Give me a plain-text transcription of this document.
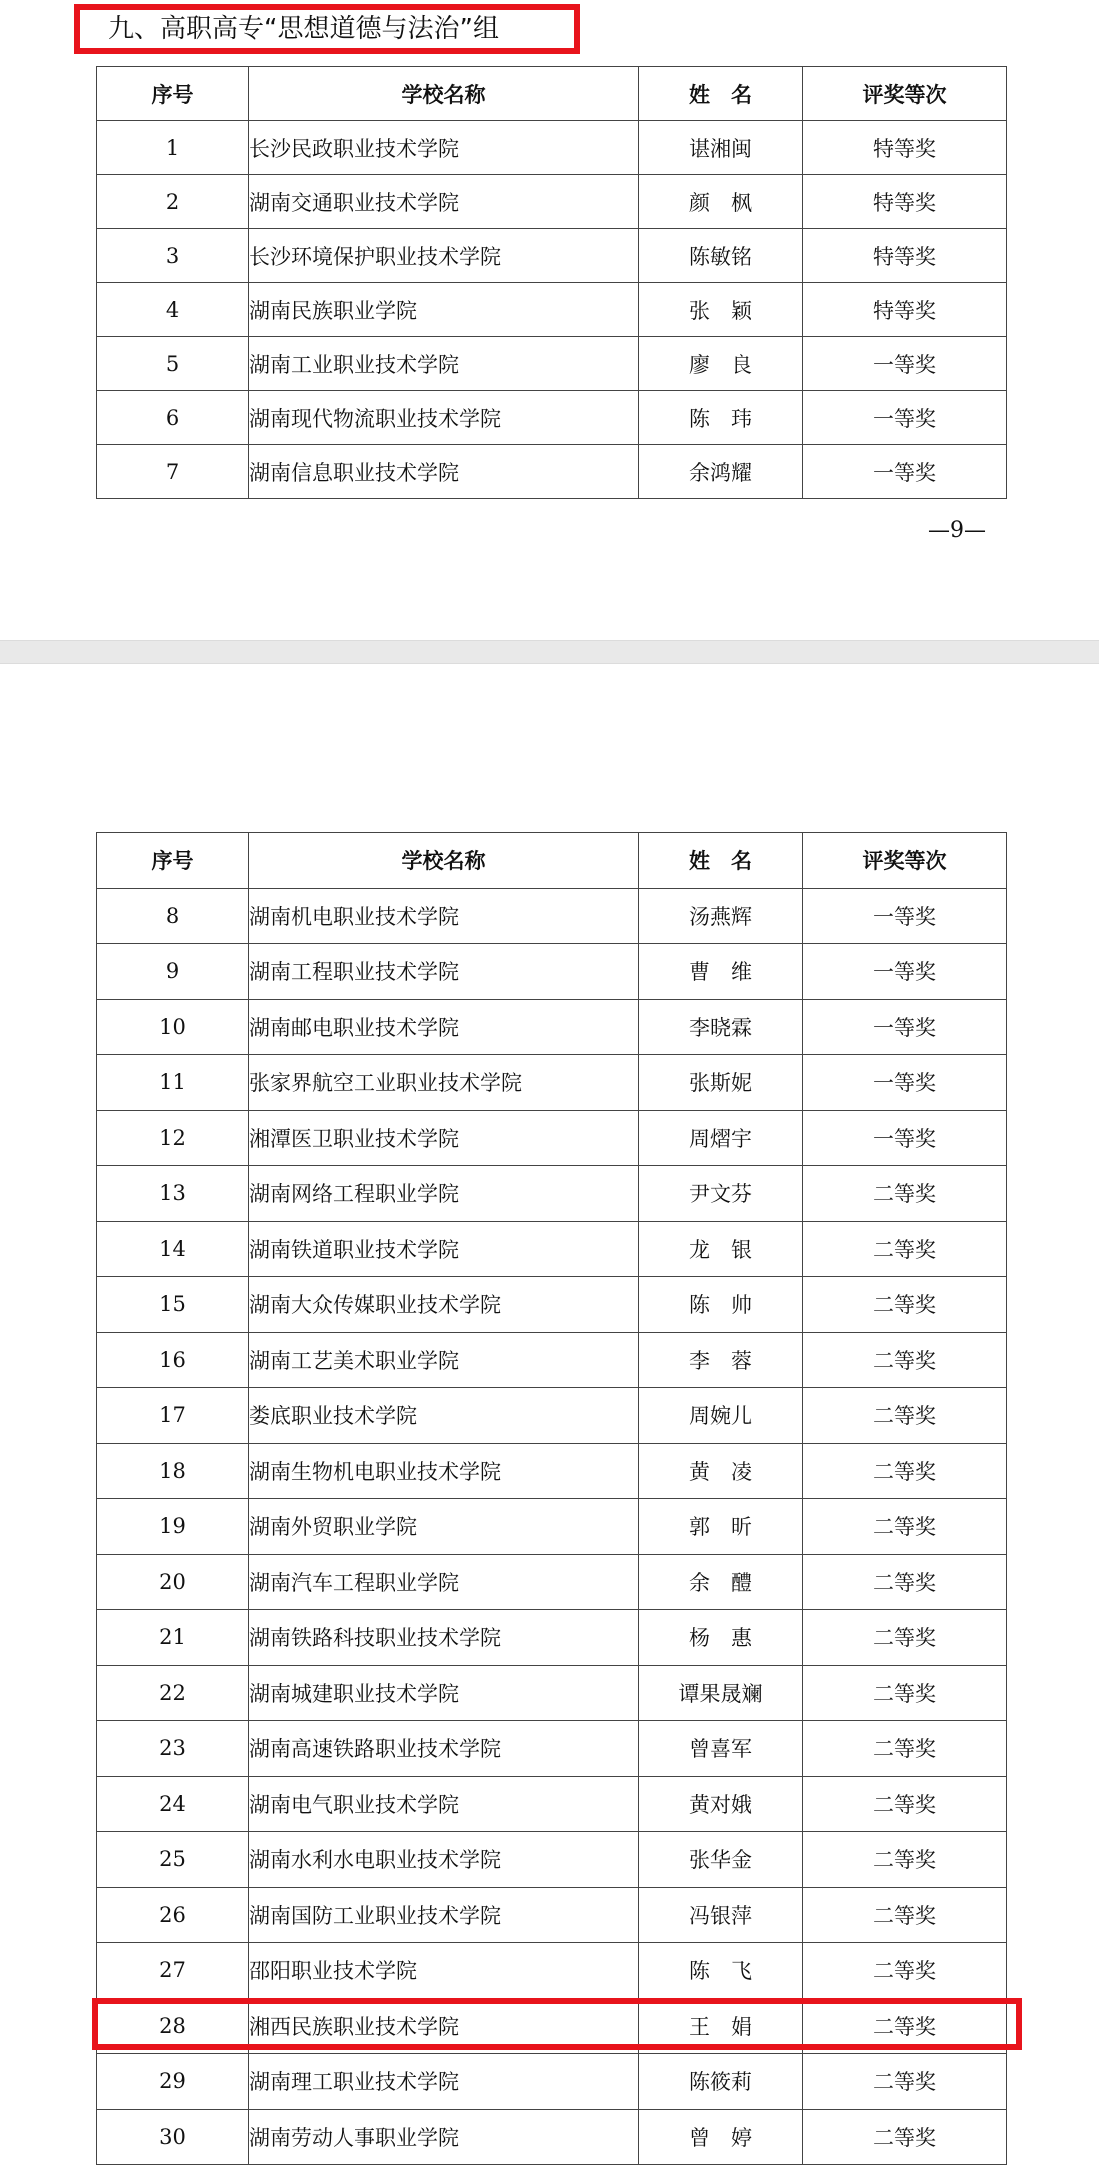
九、高职高专“思想道德与法治”组
序号	学校名称	姓　名	评奖等次
1	长沙民政职业技术学院	谌湘闽	特等奖
2	湖南交通职业技术学院	颜　枫	特等奖
3	长沙环境保护职业技术学院	陈敏铭	特等奖
4	湖南民族职业学院	张　颖	特等奖
5	湖南工业职业技术学院	廖　良	一等奖
6	湖南现代物流职业技术学院	陈　玮	一等奖
7	湖南信息职业技术学院	余鸿耀	一等奖
—9—
序号	学校名称	姓　名	评奖等次
8	湖南机电职业技术学院	汤燕辉	一等奖
9	湖南工程职业技术学院	曹　维	一等奖
10	湖南邮电职业技术学院	李晓霖	一等奖
11	张家界航空工业职业技术学院	张斯妮	一等奖
12	湘潭医卫职业技术学院	周熠宇	一等奖
13	湖南网络工程职业学院	尹文芬	二等奖
14	湖南铁道职业技术学院	龙　银	二等奖
15	湖南大众传媒职业技术学院	陈　帅	二等奖
16	湖南工艺美术职业学院	李　蓉	二等奖
17	娄底职业技术学院	周婉儿	二等奖
18	湖南生物机电职业技术学院	黄　凌	二等奖
19	湖南外贸职业学院	郭　昕	二等奖
20	湖南汽车工程职业学院	余　醴	二等奖
21	湖南铁路科技职业技术学院	杨　惠	二等奖
22	湖南城建职业技术学院	谭果晟斓	二等奖
23	湖南高速铁路职业技术学院	曾喜军	二等奖
24	湖南电气职业技术学院	黄对娥	二等奖
25	湖南水利水电职业技术学院	张华金	二等奖
26	湖南国防工业职业技术学院	冯银萍	二等奖
27	邵阳职业技术学院	陈　飞	二等奖
28	湘西民族职业技术学院	王　娟	二等奖
29	湖南理工职业技术学院	陈筱莉	二等奖
30	湖南劳动人事职业学院	曾　婷	二等奖
